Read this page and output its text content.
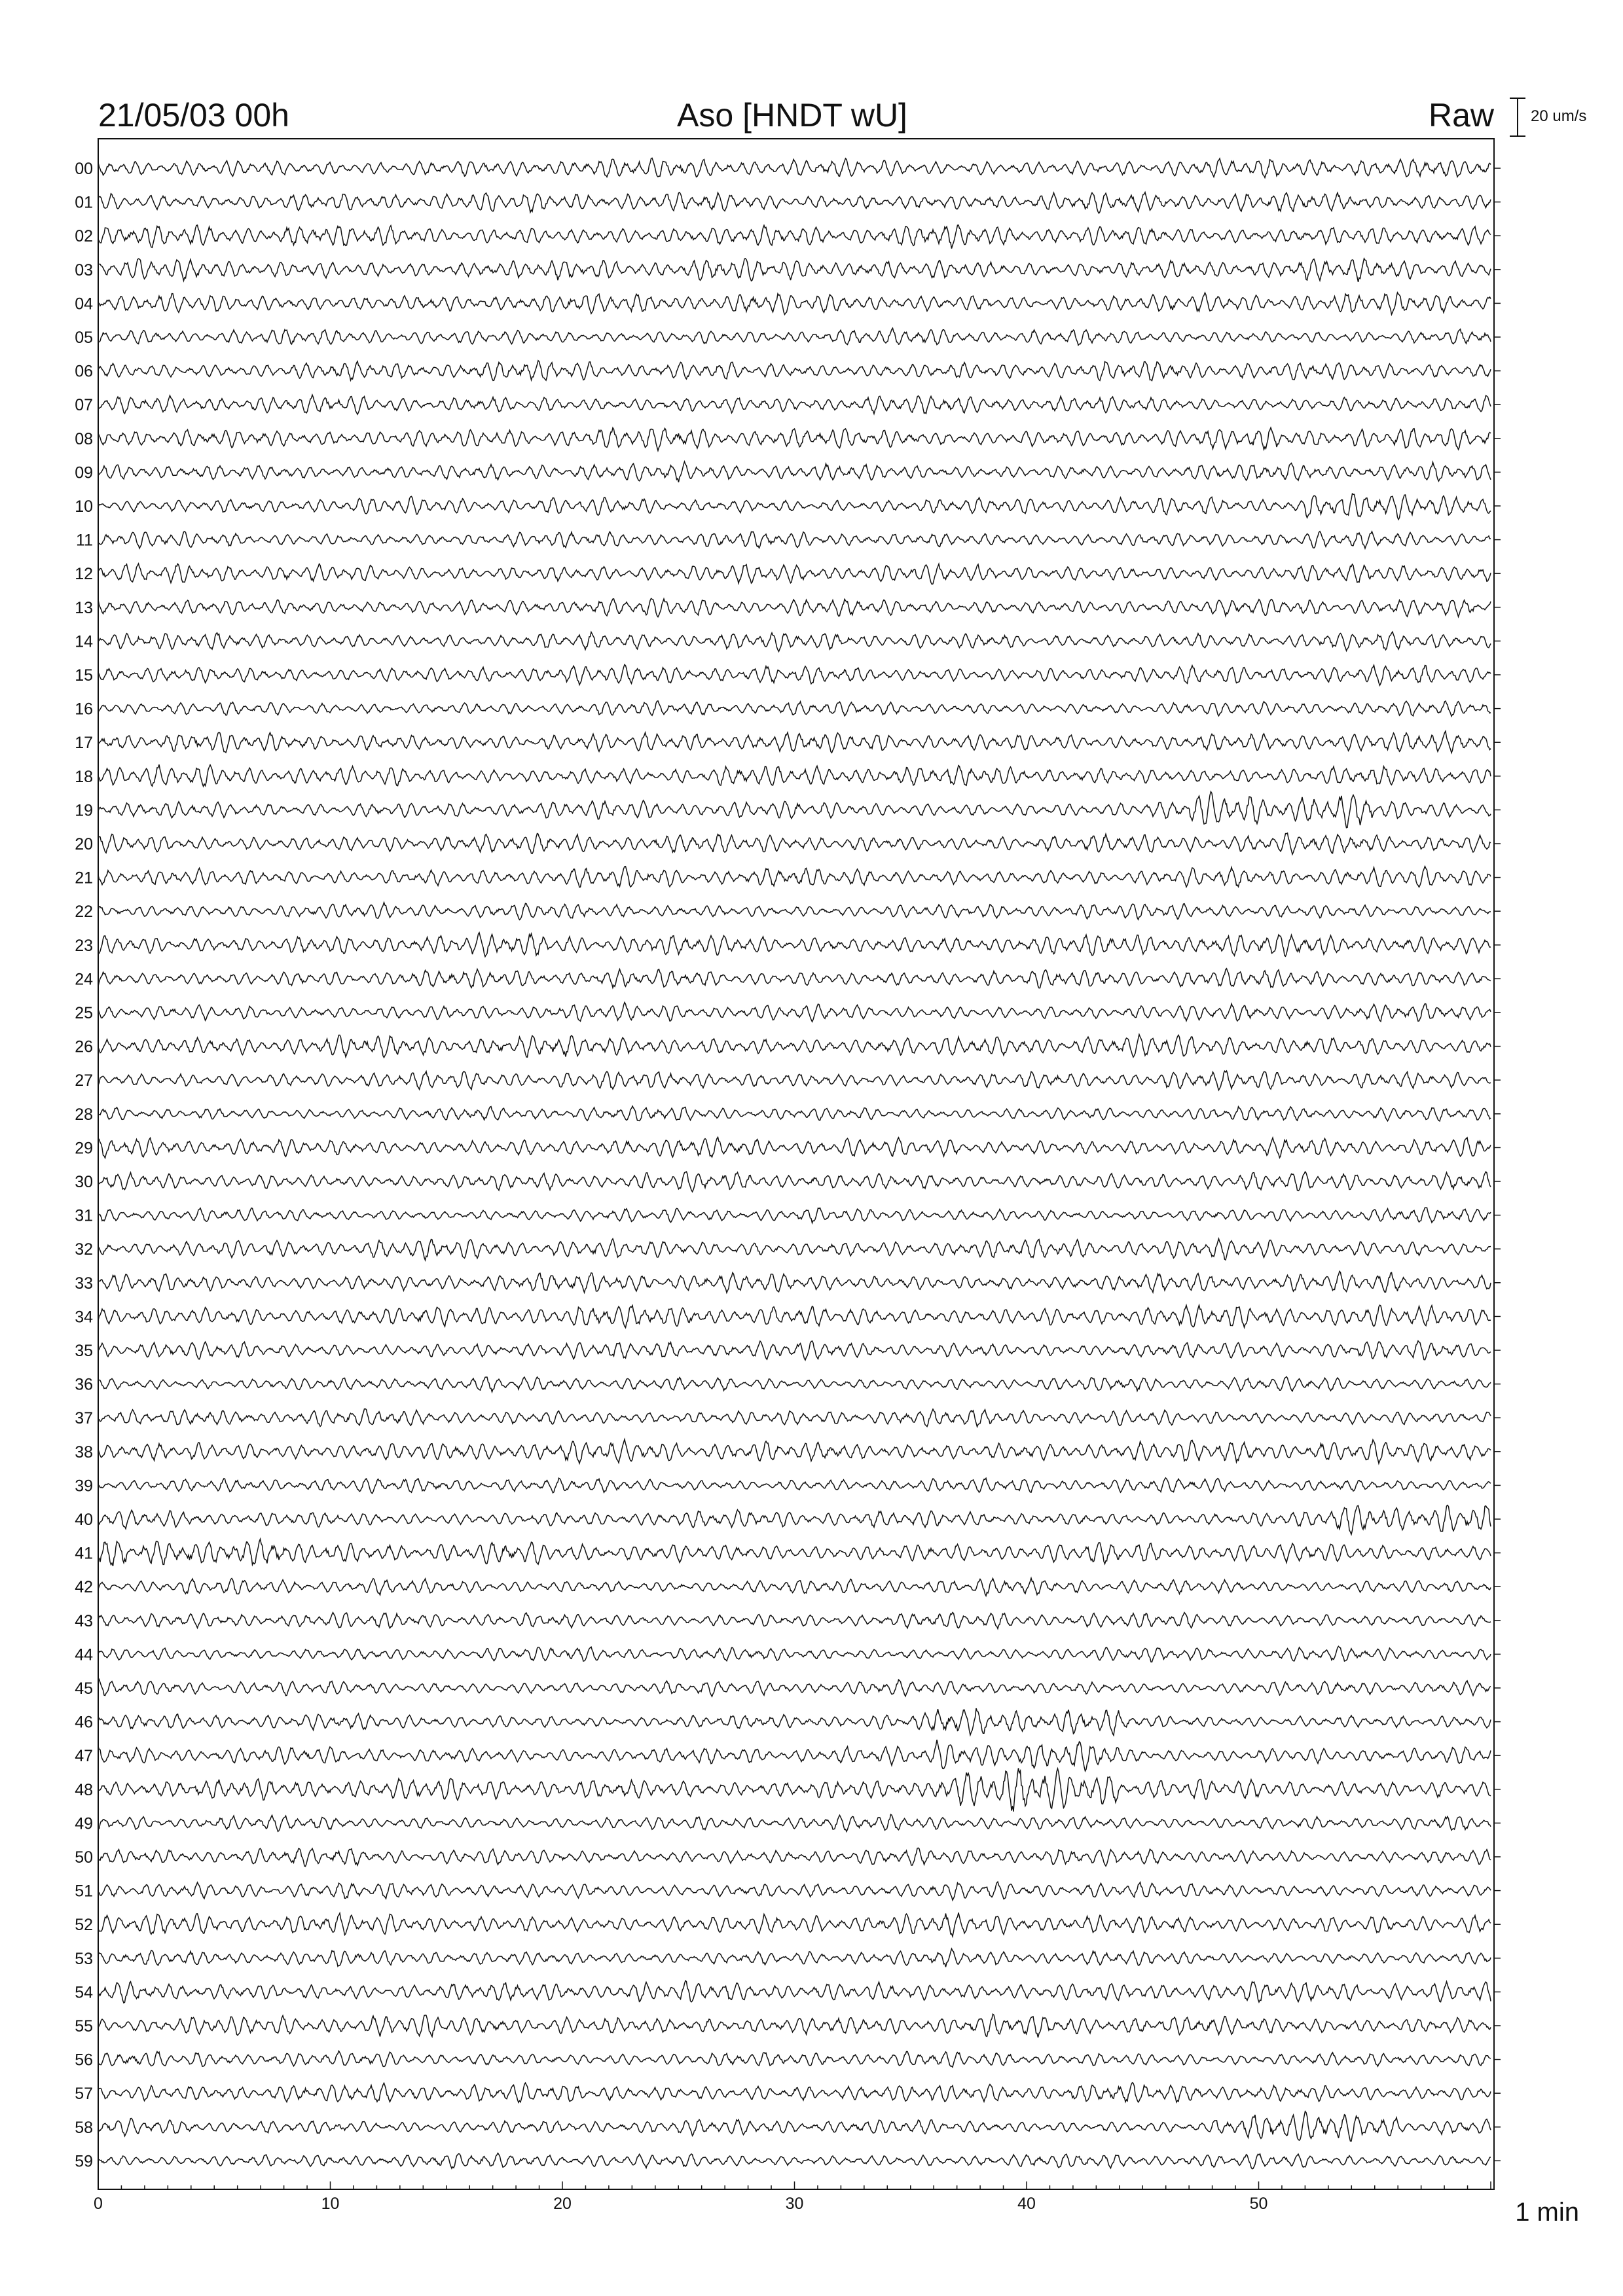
21/05/03 00h	Aso [HNDT wU]	Raw 20 um/s
00
01
02
03
04
05
06
07
08
09
10
11
12
13
14
15
16
17
18
19
20
21
22
23
24
25
26
27
28
29
30
31
32
33
34
35
36
37
38
39
40
41
42
43
44
45
46
47
48
49
50
51
52
53
54
55
56
57
58
59
0	10	20	30	40	50	1 min
